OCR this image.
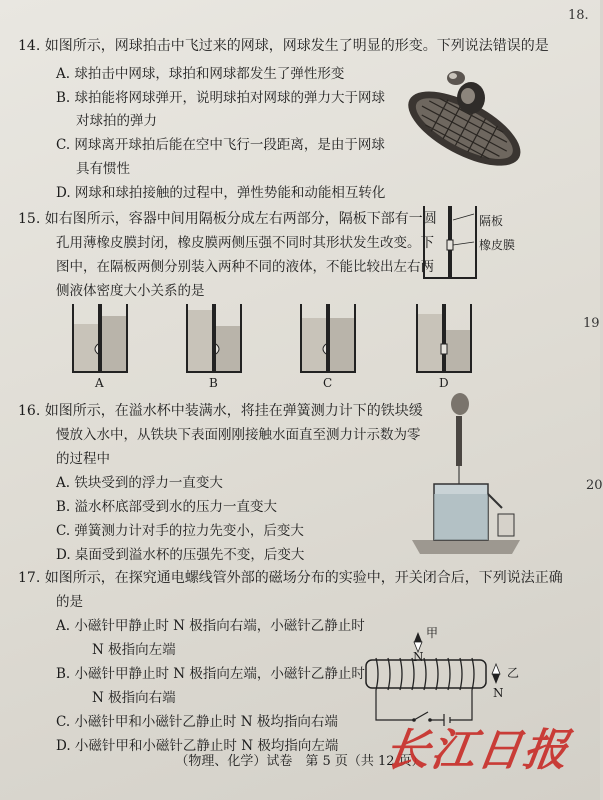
18.
19
20
14. 如图所示，网球拍击中飞过来的网球，网球发生了明显的形变。下列说法错误的是
A. 球拍击中网球，球拍和网球都发生了弹性形变
B. 球拍能将网球弹开，说明球拍对网球的弹力大于网球
对球拍的弹力
C. 网球离开球拍后能在空中飞行一段距离，是由于网球
具有惯性
D. 网球和球拍接触的过程中，弹性势能和动能相互转化
15. 如右图所示，容器中间用隔板分成左右两部分，隔板下部有一圆
孔用薄橡皮膜封闭，橡皮膜两侧压强不同时其形状发生改变。下
图中，在隔板两侧分别装入两种不同的液体，不能比较出左右两
侧液体密度大小关系的是
隔板
橡皮膜
A	B	C	D
16. 如图所示，在溢水杯中装满水，将挂在弹簧测力计下的铁块缓
慢放入水中，从铁块下表面刚刚接触水面直至测力计示数为零
的过程中
A. 铁块受到的浮力一直变大
B. 溢水杯底部受到水的压力一直变大
C. 弹簧测力计对手的拉力先变小，后变大
D. 桌面受到溢水杯的压强先不变，后变大
17. 如图所示，在探究通电螺线管外部的磁场分布的实验中，开关闭合后，下列说法正确
的是
A. 小磁针甲静止时 N 极指向右端，小磁针乙静止时
N 极指向左端
B. 小磁针甲静止时 N 极指向左端，小磁针乙静止时
N 极指向右端
C. 小磁针甲和小磁针乙静止时 N 极均指向右端
D. 小磁针甲和小磁针乙静止时 N 极均指向左端
甲
N
乙
N
（物理、化学）试卷　第 5 页（共 12 页）
长江日报
